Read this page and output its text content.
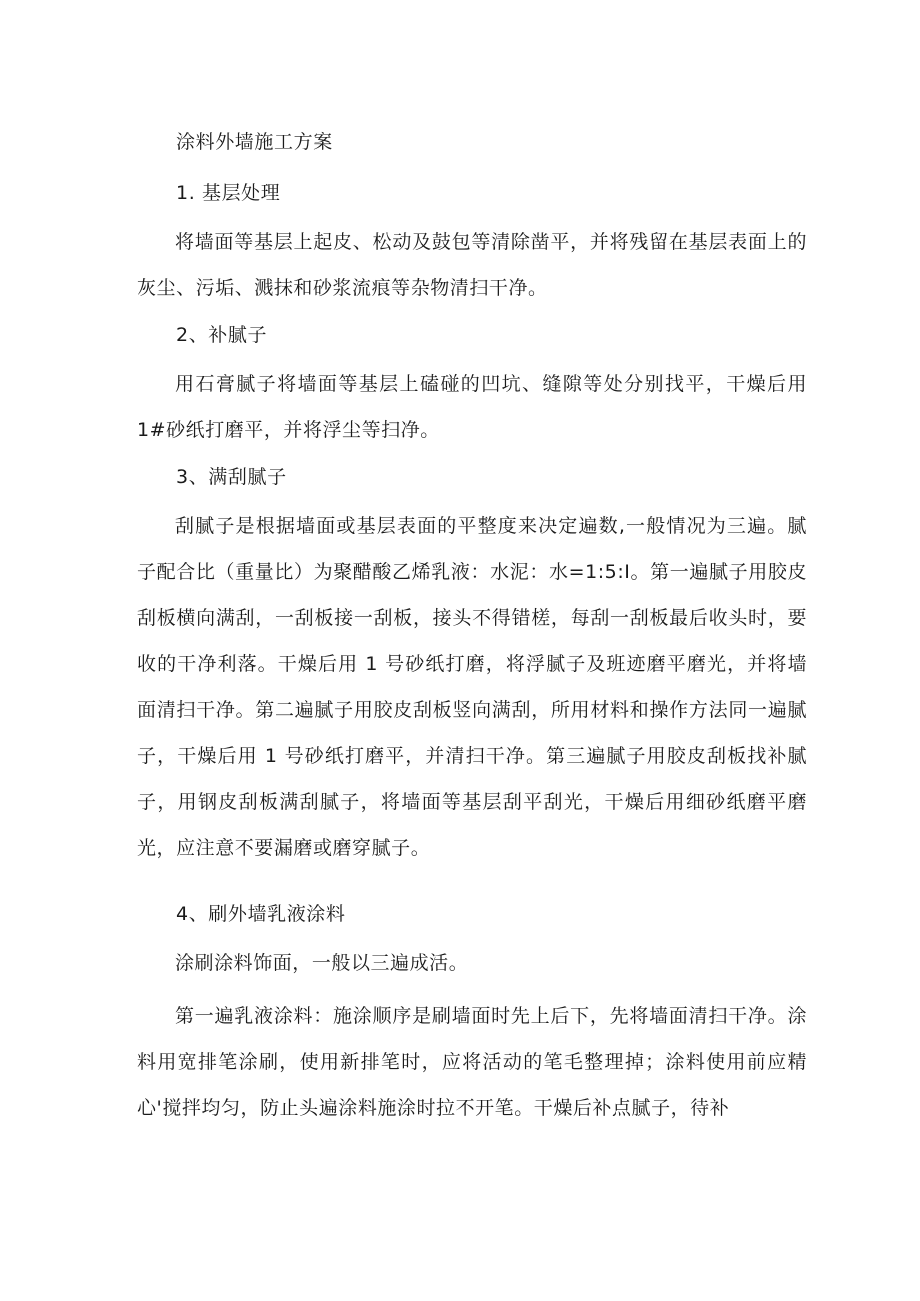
涂料外墙施工方案
1. 基层处理
将墙面等基层上起皮、松动及鼓包等清除凿平，并将残留在基层表面上的灰尘、污垢、溅抹和砂浆流痕等杂物清扫干净。
2、补腻子
用石膏腻子将墙面等基层上磕碰的凹坑、缝隙等处分别找平，干燥后用 1#砂纸打磨平，并将浮尘等扫净。
3、满刮腻子
刮腻子是根据墙面或基层表面的平整度来决定遍数,一般情况为三遍。腻子配合比（重量比）为聚醋酸乙烯乳液：水泥：水=1:5:I。第一遍腻子用胶皮刮板横向满刮，一刮板接一刮板，接头不得错槎，每刮一刮板最后收头时，要收的干净利落。干燥后用 1 号砂纸打磨，将浮腻子及班迹磨平磨光，并将墙面清扫干净。第二遍腻子用胶皮刮板竖向满刮，所用材料和操作方法同一遍腻子，干燥后用 1 号砂纸打磨平，并清扫干净。第三遍腻子用胶皮刮板找补腻子，用钢皮刮板满刮腻子，将墙面等基层刮平刮光，干燥后用细砂纸磨平磨光，应注意不要漏磨或磨穿腻子。
4、刷外墙乳液涂料
涂刷涂料饰面，一般以三遍成活。
第一遍乳液涂料：施涂顺序是刷墙面时先上后下，先将墙面清扫干净。涂料用宽排笔涂刷，使用新排笔时，应将活动的笔毛整理掉；涂料使用前应精心'搅拌均匀，防止头遍涂料施涂时拉不开笔。干燥后补点腻子，待补
